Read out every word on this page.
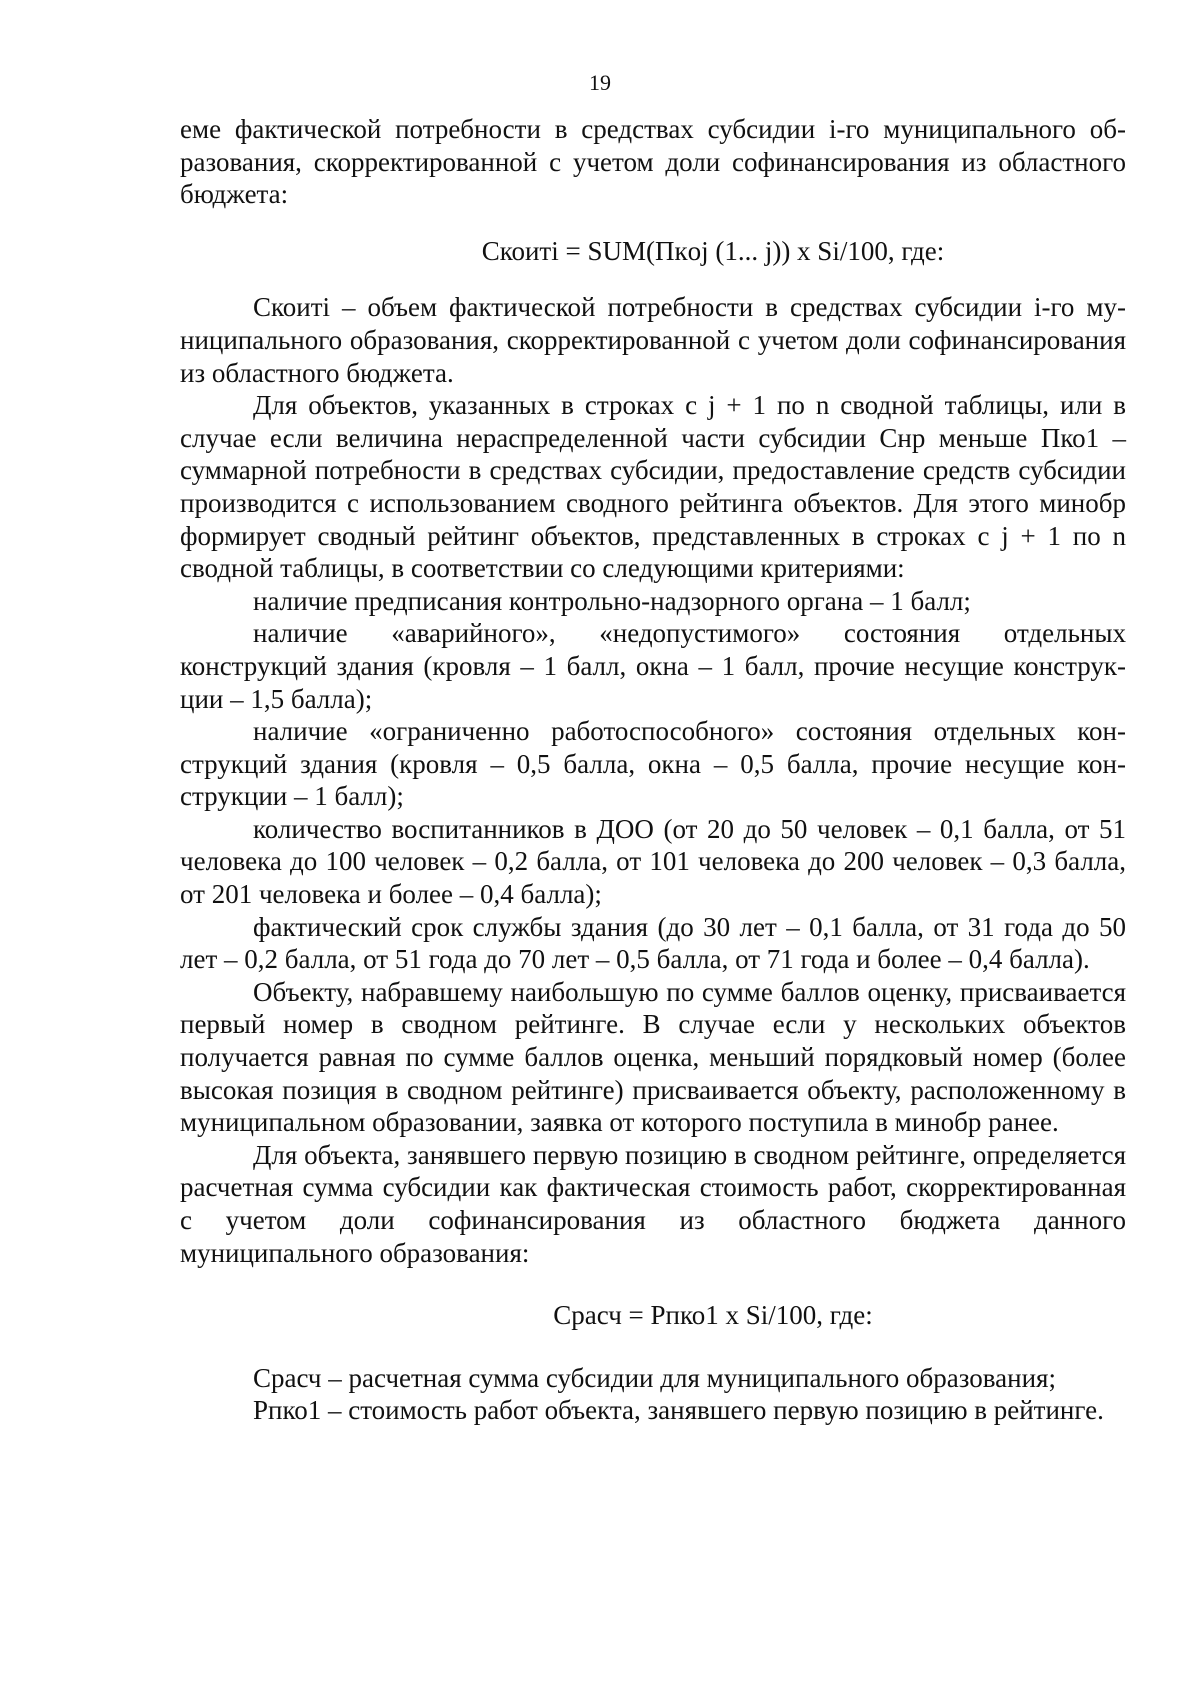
19

еме фактической потребности в средствах субсидии i-го муниципального образования, скорректированной с учетом доли софинансирования из областного бюджета:

Скоиті = SUM(Пкoj (1... j)) x Si/100, где:

Скоиті – объем фактической потребности в средствах субсидии i-го муниципального образования, скорректированной с учетом доли софинансирования из областного бюджета.

Для объектов, указанных в строках с j + 1 по n сводной таблицы, или в случае если величина нераспределенной части субсидии Снр меньше Пко1 – суммарной потребности в средствах субсидии, предоставление средств субсидии производится с использованием сводного рейтинга объектов. Для этого минобр формирует сводный рейтинг объектов, представленных в строках с j + 1 по n сводной таблицы, в соответствии со следующими критериями:

наличие предписания контрольно-надзорного органа – 1 балл;

наличие «аварийного», «недопустимого» состояния отдельных конструкций здания (кровля – 1 балл, окна – 1 балл, прочие несущие конструкции – 1,5 балла);

наличие «ограниченно работоспособного» состояния отдельных конструкций здания (кровля – 0,5 балла, окна – 0,5 балла, прочие несущие конструкции – 1 балл);

количество воспитанников в ДОО (от 20 до 50 человек – 0,1 балла, от 51 человека до 100 человек – 0,2 балла, от 101 человека до 200 человек – 0,3 балла, от 201 человека и более – 0,4 балла);

фактический срок службы здания (до 30 лет – 0,1 балла, от 31 года до 50 лет – 0,2 балла, от 51 года до 70 лет – 0,5 балла, от 71 года и более – 0,4 балла).

Объекту, набравшему наибольшую по сумме баллов оценку, присваивается первый номер в сводном рейтинге. В случае если у нескольких объектов получается равная по сумме баллов оценка, меньший порядковый номер (более высокая позиция в сводном рейтинге) присваивается объекту, расположенному в муниципальном образовании, заявка от которого поступила в минобр ранее.

Для объекта, занявшего первую позицию в сводном рейтинге, определяется расчетная сумма субсидии как фактическая стоимость работ, скорректированная с учетом доли софинансирования из областного бюджета данного муниципального образования:

Срасч = Рпко1 x Si/100, где:

Срасч – расчетная сумма субсидии для муниципального образования;

Рпко1 – стоимость работ объекта, занявшего первую позицию в рейтинге.
